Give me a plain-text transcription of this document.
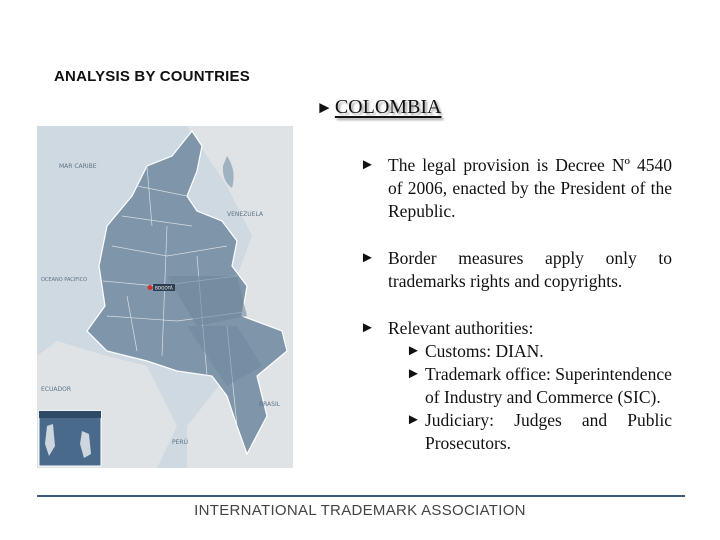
ANALYSIS BY COUNTRIES
► COLOMBIA
BOGOTÁ
MAR CARIBE
OCEANO PACIFICO
VENEZUELA
ECUADOR
PERÚ
BRASIL
► The legal provision is Decree Nº 4540 of 2006, enacted by the President of the Republic.
► Border measures apply only to trademarks rights and copyrights.
► Relevant authorities:
► Customs: DIAN.
► Trademark office: Superintendence of Industry and Commerce (SIC).
► Judiciary: Judges and Public Prosecutors.
INTERNATIONAL TRADEMARK ASSOCIATION
